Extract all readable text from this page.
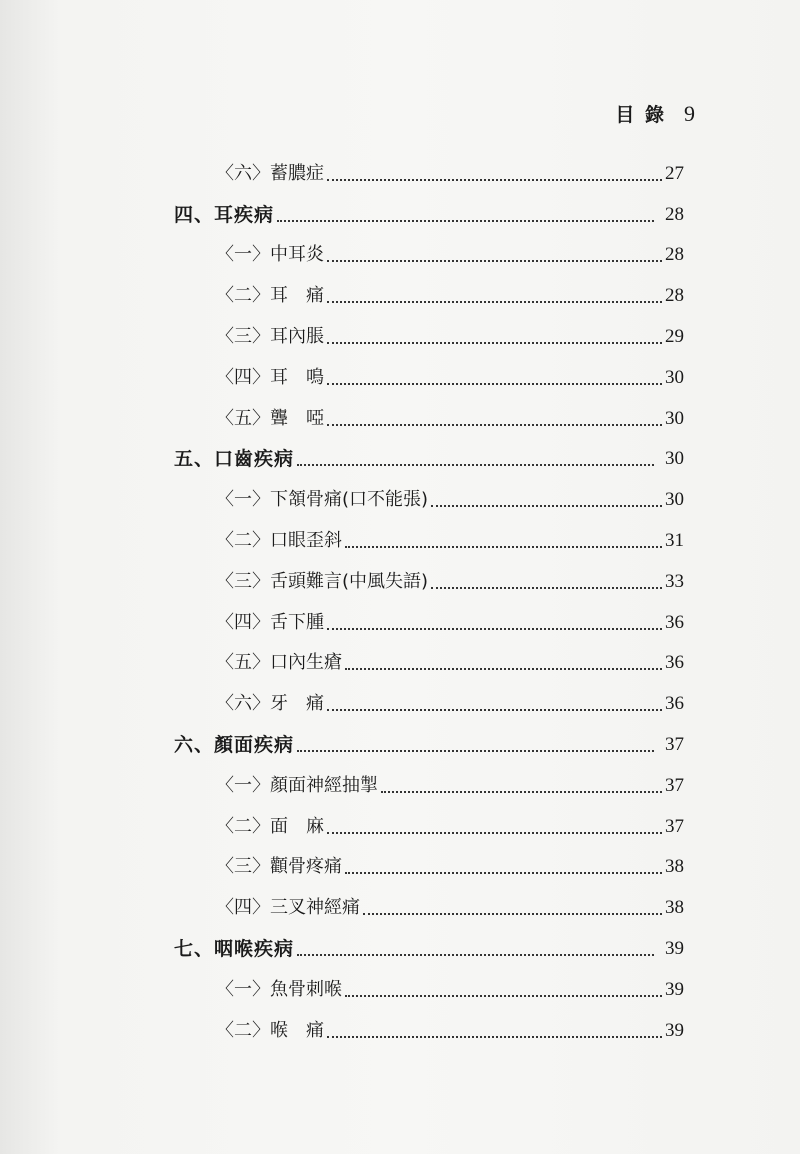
目 錄 9
〈六〉蓄膿症	27
四、耳疾病	28
〈一〉中耳炎	28
〈二〉耳　痛	28
〈三〉耳內脹	29
〈四〉耳　鳴	30
〈五〉聾　啞	30
五、口齒疾病	30
〈一〉下頷骨痛(口不能張)	30
〈二〉口眼歪斜	31
〈三〉舌頭難言(中風失語)	33
〈四〉舌下腫	36
〈五〉口內生瘡	36
〈六〉牙　痛	36
六、顏面疾病	37
〈一〉顏面神經抽掣	37
〈二〉面　麻	37
〈三〉顴骨疼痛	38
〈四〉三叉神經痛	38
七、咽喉疾病	39
〈一〉魚骨刺喉	39
〈二〉喉　痛	39
